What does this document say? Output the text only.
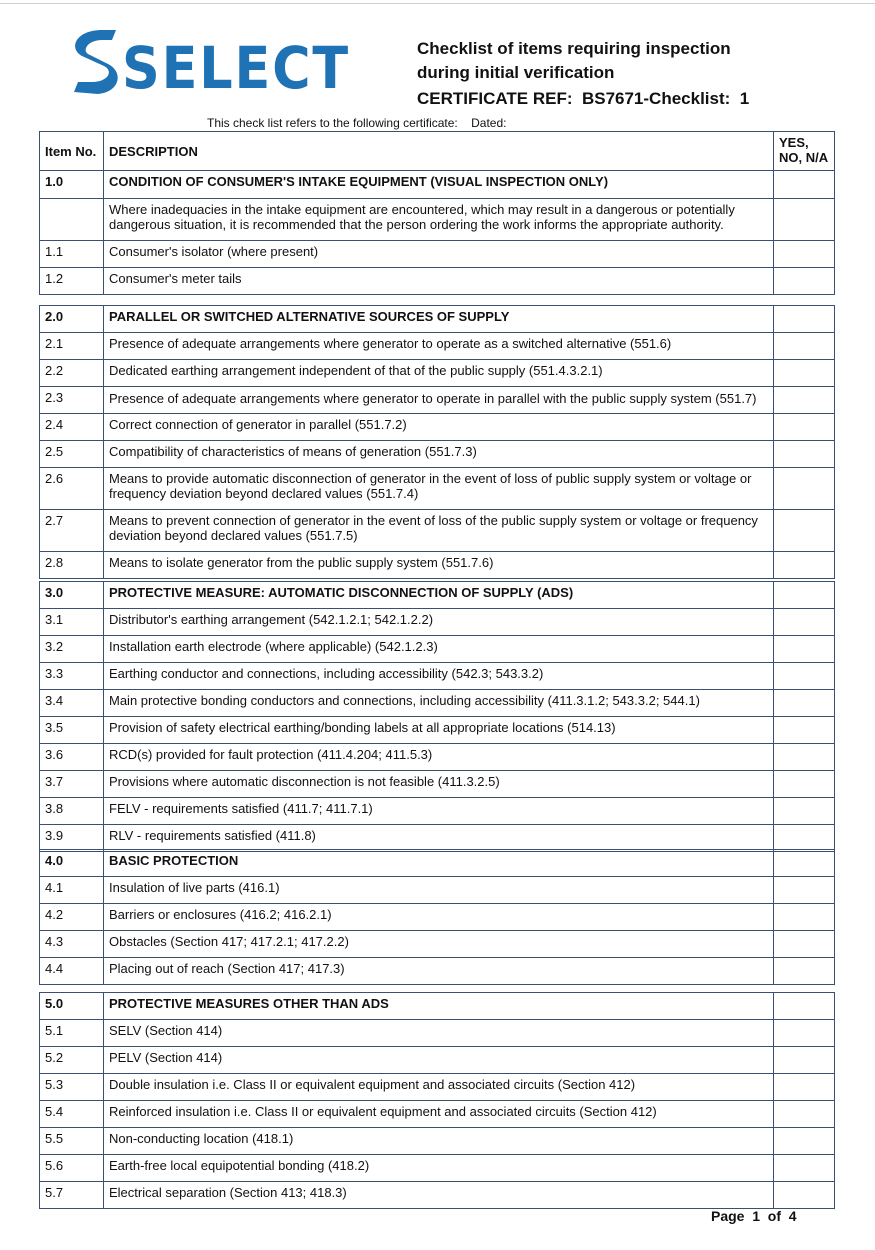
SELECT	Checklist of items requiring inspection
during initial verification
CERTIFICATE REF:  BS7671-Checklist:  1
This check list refers to the following certificate:    Dated:
Item No.	DESCRIPTION	YES, NO, N/A
1.0	CONDITION OF CONSUMER'S INTAKE EQUIPMENT (VISUAL INSPECTION ONLY)	
	Where inadequacies in the intake equipment are encountered, which may result in a dangerous or potentially dangerous situation, it is recommended that the person ordering the work informs the appropriate authority.	
1.1	Consumer's isolator (where present)	
1.2	Consumer's meter tails	
2.0	PARALLEL OR SWITCHED ALTERNATIVE SOURCES OF SUPPLY	
2.1	Presence of adequate arrangements where generator to operate as a switched alternative (551.6)	
2.2	Dedicated earthing arrangement independent of that of the public supply (551.4.3.2.1)	
2.3	Presence of adequate arrangements where generator to operate in parallel with the public supply system (551.7)	

2.4	Correct connection of generator in parallel (551.7.2)	
2.5	Compatibility of characteristics of means of generation (551.7.3)	
2.6	Means to provide automatic disconnection of generator in the event of loss of public supply system or voltage or frequency deviation beyond declared values (551.7.4)	
2.7	Means to prevent connection of generator in the event of loss of the public supply system or voltage or frequency deviation beyond declared values (551.7.5)	
2.8	Means to isolate generator from the public supply system (551.7.6)	
3.0	PROTECTIVE MEASURE: AUTOMATIC DISCONNECTION OF SUPPLY (ADS)	
3.1	Distributor's earthing arrangement (542.1.2.1; 542.1.2.2)	
3.2	Installation earth electrode (where applicable) (542.1.2.3)	
3.3	Earthing conductor and connections, including accessibility (542.3; 543.3.2)	
3.4	Main protective bonding conductors and connections, including accessibility (411.3.1.2; 543.3.2; 544.1)	
3.5	Provision of safety electrical earthing/bonding labels at all appropriate locations (514.13)	
3.6	RCD(s) provided for fault protection (411.4.204; 411.5.3)	
3.7	Provisions where automatic disconnection is not feasible (411.3.2.5)	
3.8	FELV - requirements satisfied (411.7; 411.7.1)	
3.9	RLV - requirements satisfied (411.8)	
4.0	BASIC PROTECTION	
4.1	Insulation of live parts (416.1)	
4.2	Barriers or enclosures (416.2; 416.2.1)	
4.3	Obstacles (Section 417; 417.2.1; 417.2.2)	
4.4	Placing out of reach (Section 417; 417.3)	
5.0	PROTECTIVE MEASURES OTHER THAN ADS	
5.1	SELV (Section 414)	
5.2	PELV (Section 414)	
5.3	Double insulation i.e. Class II or equivalent equipment and associated circuits (Section 412)	
5.4	Reinforced insulation i.e. Class II or equivalent equipment and associated circuits (Section 412)	
5.5	Non-conducting location (418.1)	
5.6	Earth-free local equipotential bonding (418.2)	
5.7	Electrical separation (Section 413; 418.3)	
Page  1  of  4
